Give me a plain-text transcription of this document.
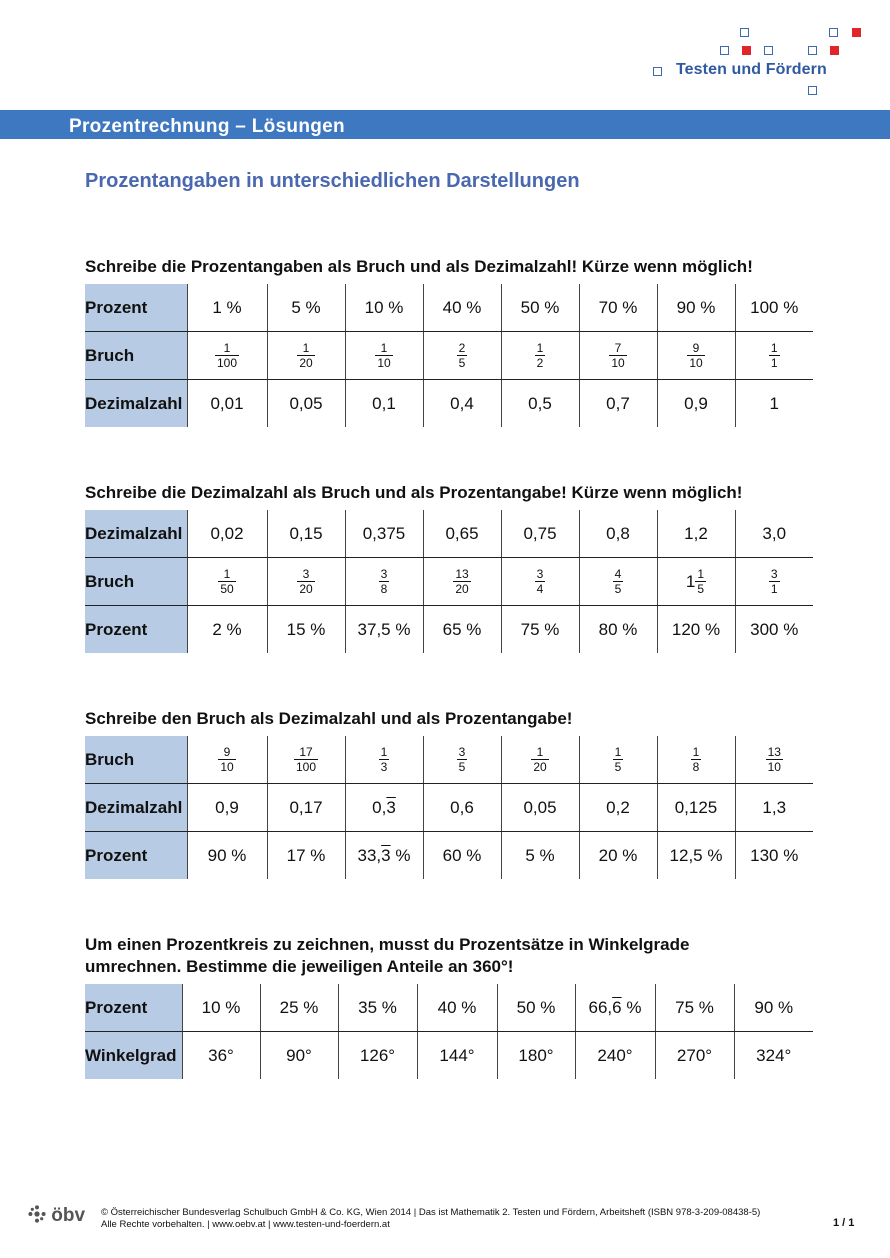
Testen und Fördern
Prozentrechnung – Lösungen
Prozentangaben in unterschiedlichen Darstellungen
Schreibe die Prozentangaben als Bruch und als Dezimalzahl! Kürze wenn möglich!
Prozent	1 %	5 %	10 %	40 %	50 %	70 %	90 %	100 %
Bruch	$\frac{1}{100}$	$\frac{1}{20}$	$\frac{1}{10}$	$\frac{2}{5}$	$\frac{1}{2}$	$\frac{7}{10}$	$\frac{9}{10}$	$\frac{1}{1}$

Dezimalzahl	0,01	0,05	0,1	0,4	0,5	0,7	0,9	1
Schreibe die Dezimalzahl als Bruch und als Prozentangabe! Kürze wenn möglich!
Dezimalzahl	0,02	0,15	0,375	0,65	0,75	0,8	1,2	3,0
Bruch	$\frac{1}{50}$	$\frac{3}{20}$	$\frac{3}{8}$	$\frac{13}{20}$	$\frac{3}{4}$	$\frac{4}{5}$	$1 \frac{1}{5}$	$\frac{3}{1}$

Prozent	2 %	15 %	37,5 %	65 %	75 %	80 %	120 %	300 %
Schreibe den Bruch als Dezimalzahl und als Prozentangabe!
Bruch	$\frac{9}{10}$	$\frac{17}{100}$	$\frac{1}{3}$	$\frac{3}{5}$	$\frac{1}{20}$	$\frac{1}{5}$	$\frac{1}{8}$	$\frac{13}{10}$

Dezimalzahl	0,9	0,17	0,3	0,6	0,05	0,2	0,125	1,3
Prozent	90 %	17 %	33,3 %	60 %	5 %	20 %	12,5 %	130 %
Um einen Prozentkreis zu zeichnen, musst du Prozentsätze in Winkelgrade
umrechnen. Bestimme die jeweiligen Anteile an 360°!
Prozent	10 %	25 %	35 %	40 %	50 %	66,6 %	75 %	90 %
Winkelgrad	36°	90°	126°	144°	180°	240°	270°	324°
öbv © Österreichischer Bundesverlag Schulbuch GmbH & Co. KG, Wien 2014 | Das ist Mathematik 2. Testen und Fördern, Arbeitsheft (ISBN 978-3-209-08438-5)
Alle Rechte vorbehalten. | www.oebv.at | www.testen-und-foerdern.at	1 / 1
